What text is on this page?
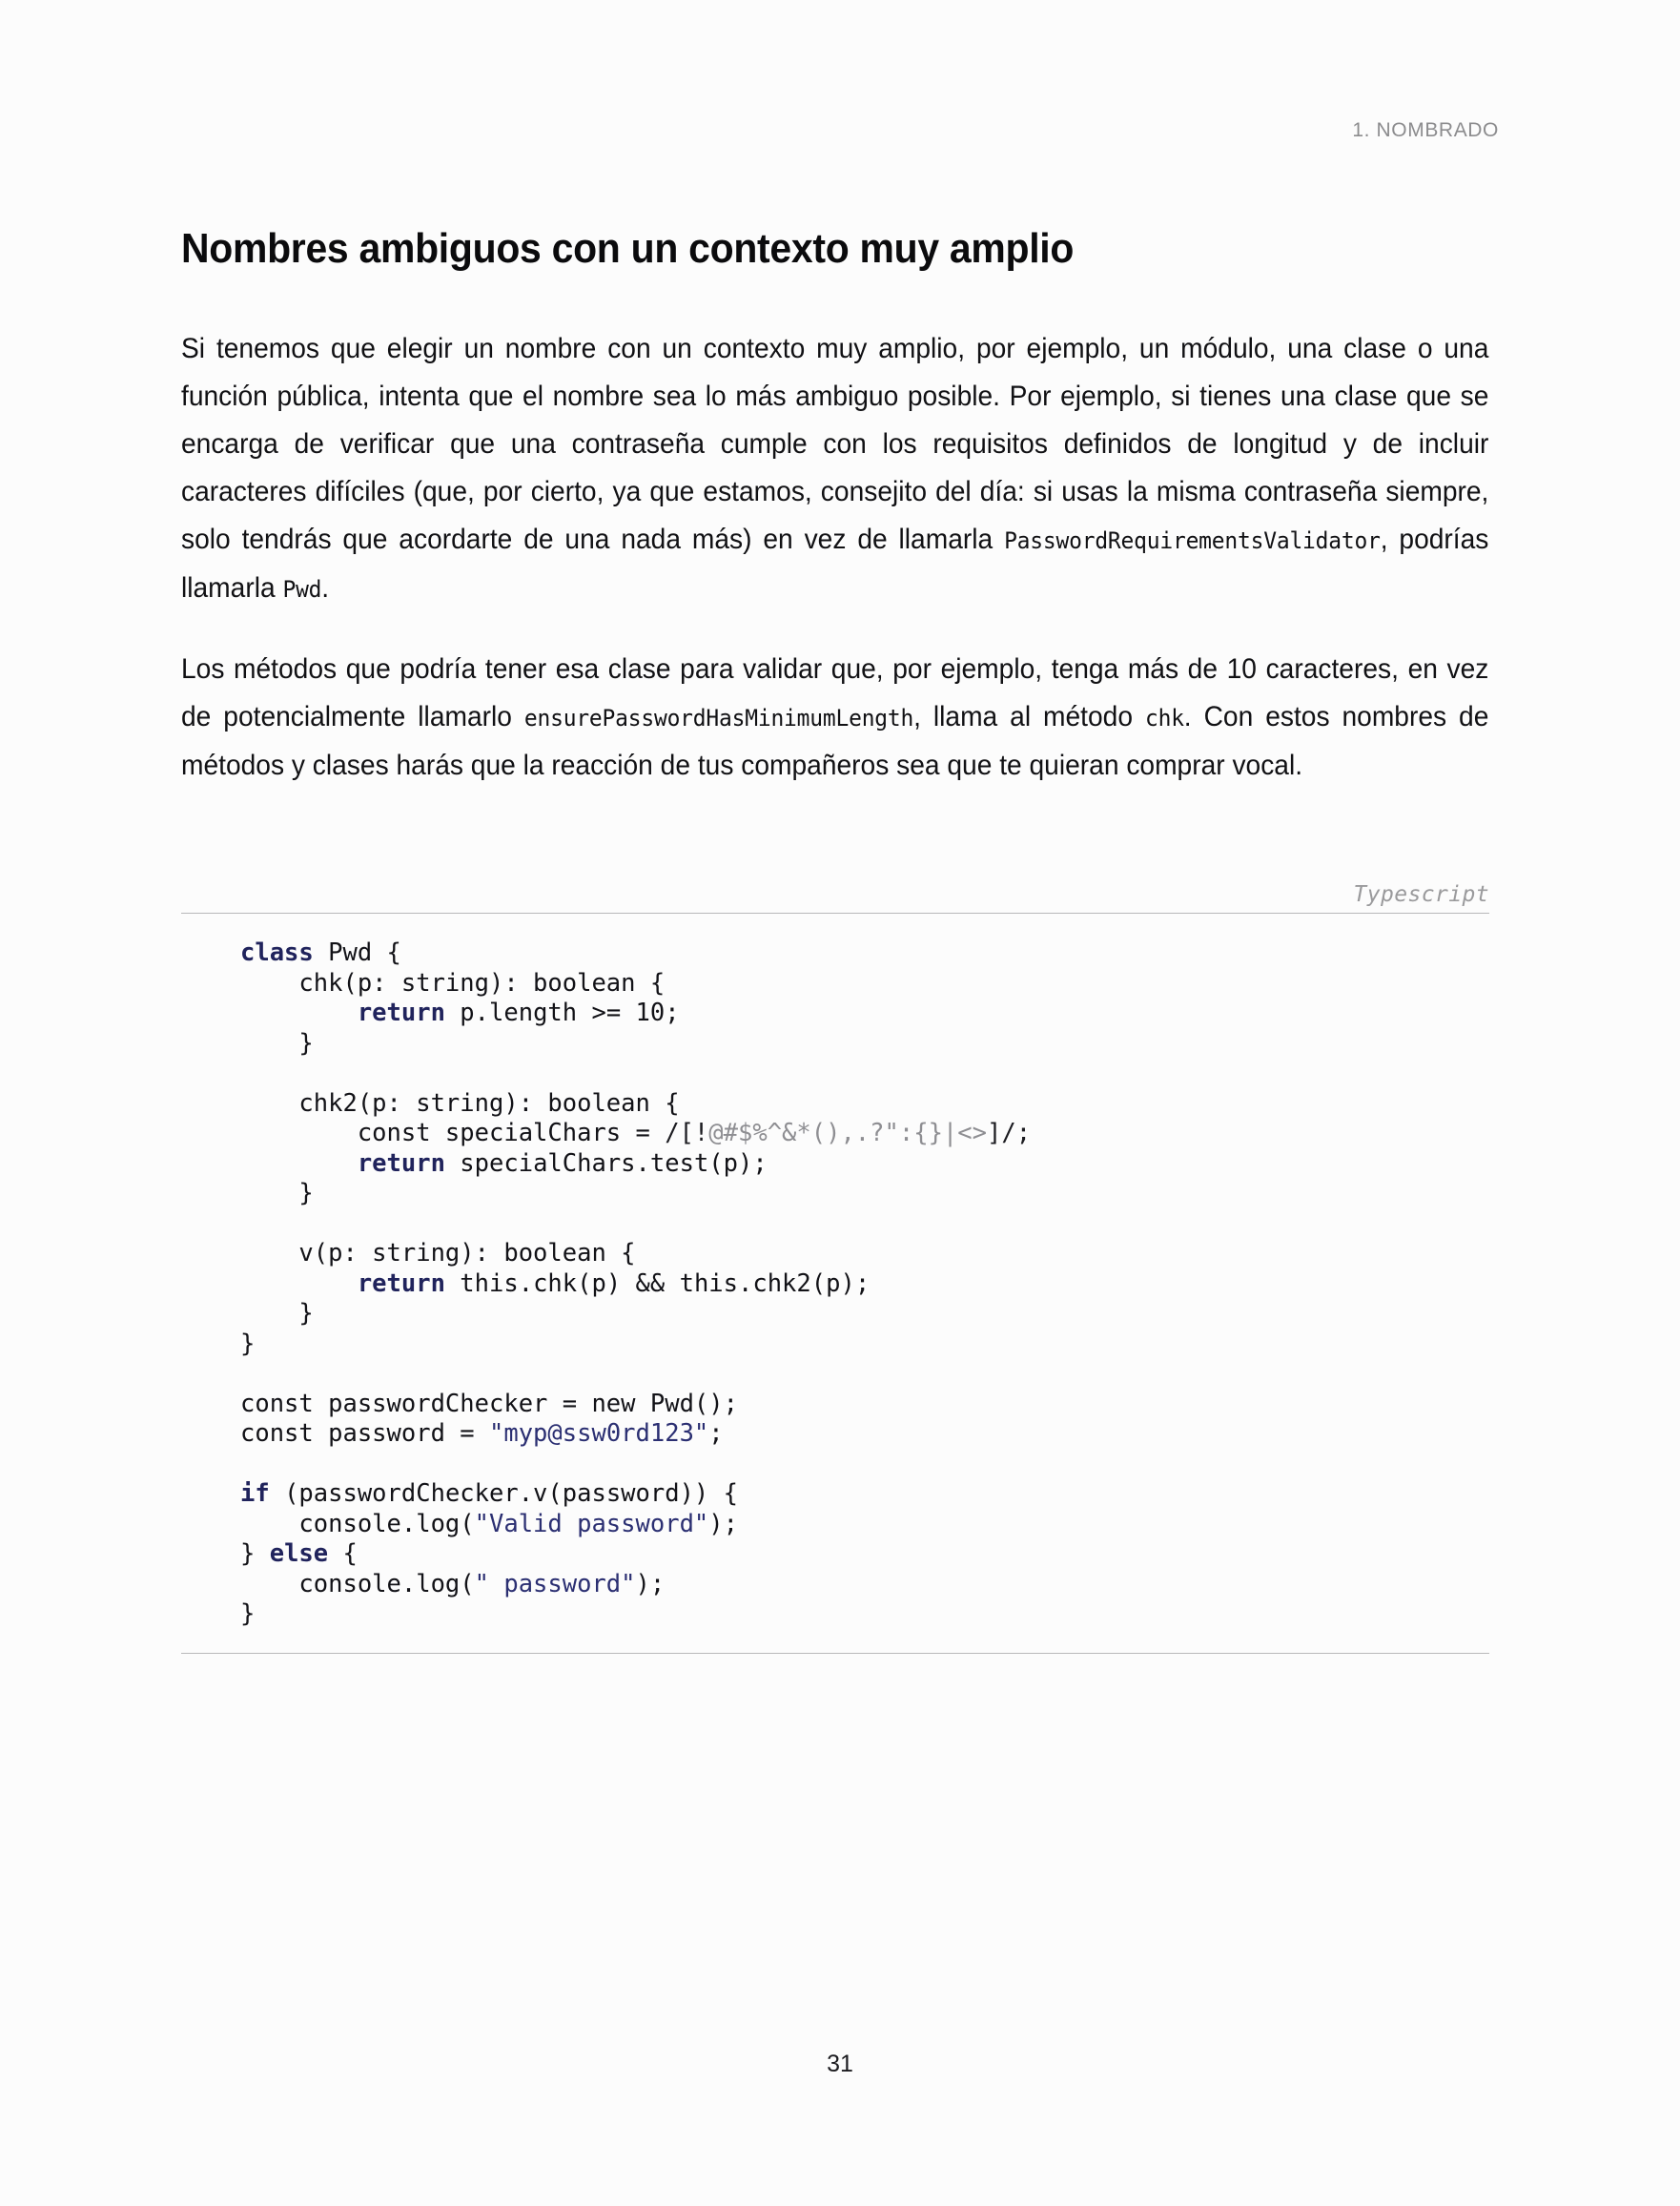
1. NOMBRADO
Nombres ambiguos con un contexto muy amplio

Si tenemos que elegir un nombre con un contexto muy amplio, por ejemplo, un módulo, una clase o una función pública, intenta que el nombre sea lo más ambiguo posible. Por ejemplo, si tienes una clase que se encarga de verificar que una contraseña cumple con los requisitos definidos de longitud y de incluir caracteres difíciles (que, por cierto, ya que estamos, consejito del día: si usas la misma contraseña siempre, solo tendrás que acordarte de una nada más) en vez de llamarla PasswordRequirementsValidator, podrías llamarla Pwd.

Los métodos que podría tener esa clase para validar que, por ejemplo, tenga más de 10 caracteres, en vez de potencialmente llamarlo ensurePasswordHasMinimumLength, llama al método chk. Con estos nombres de métodos y clases harás que la reacción de tus compañeros sea que te quieran comprar vocal.

Typescript
class Pwd {
chk(p: string): boolean {
return p.length >= 10;
}

chk2(p: string): boolean {
const specialChars = /[!@#$%^&*(),.?":{}|<>]/;
return specialChars.test(p);
}

v(p: string): boolean {
return this.chk(p) && this.chk2(p);
}
}

const passwordChecker = new Pwd();
const password = "myp@ssw0rd123";

if (passwordChecker.v(password)) {
console.log("Valid password");
} else {
console.log(" password");
}
31
